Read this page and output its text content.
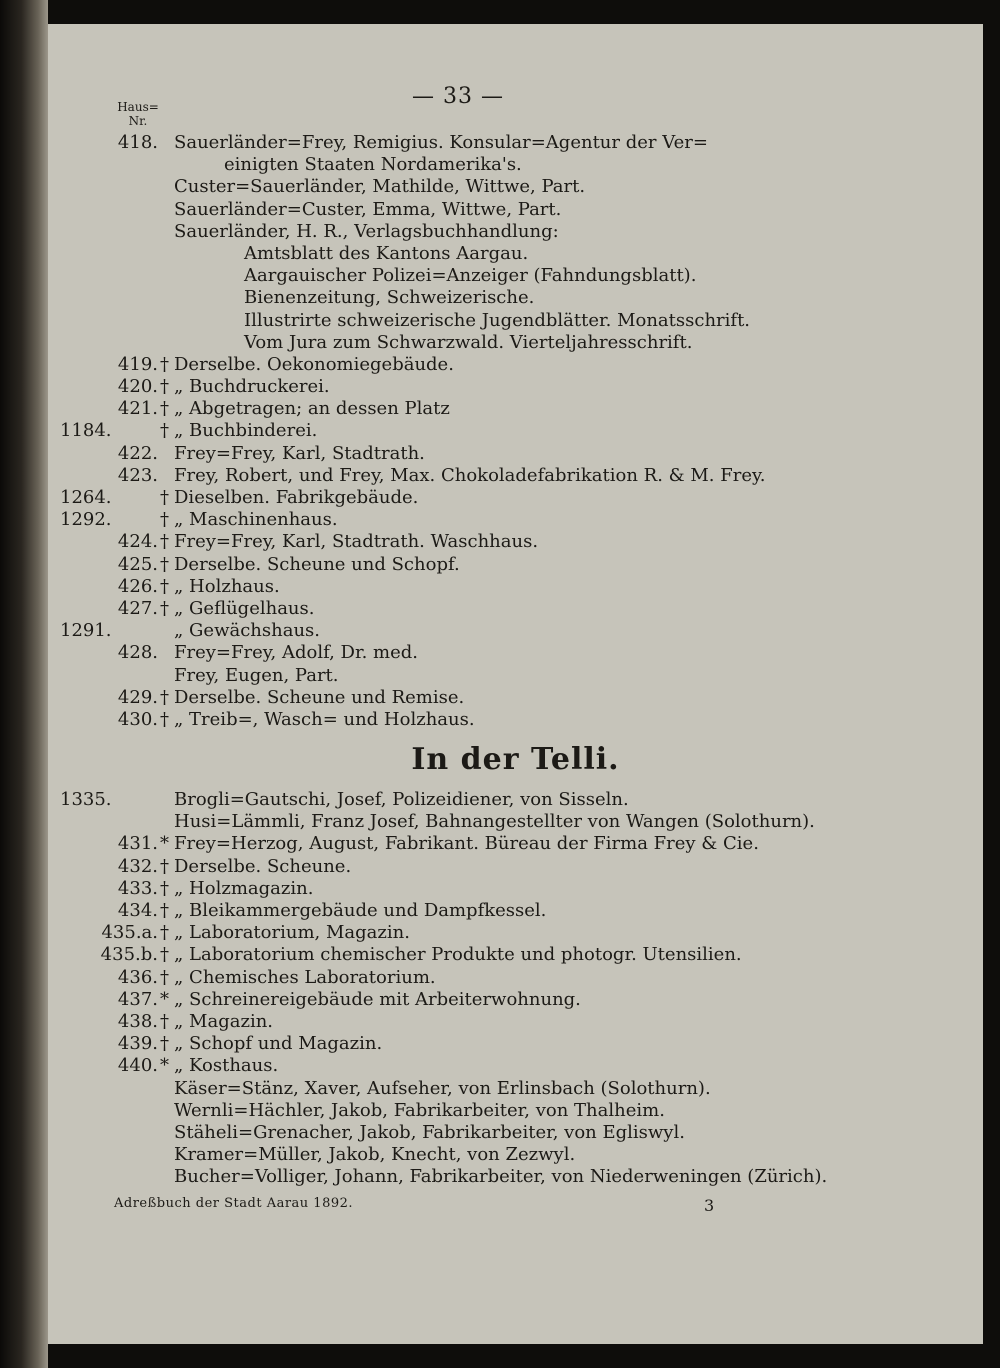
— 33 —
Haus=
Nr.
418. Sauerländer=Frey, Remigius. Konsular=Agentur der Ver=
einigten Staaten Nordamerika's.
Custer=Sauerländer, Mathilde, Wittwe, Part.
Sauerländer=Custer, Emma, Wittwe, Part.
Sauerländer, H. R., Verlagsbuchhandlung:
Amtsblatt des Kantons Aargau.
Aargauischer Polizei=Anzeiger (Fahndungsblatt).
Bienenzeitung, Schweizerische.
Illustrirte schweizerische Jugendblätter. Monatsschrift.
Vom Jura zum Schwarzwald. Vierteljahresschrift.
419. † Derselbe. Oekonomiegebäude.
420. † „ Buchdruckerei.
421. † „ Abgetragen; an dessen Platz
1184.	† „ Buchbinderei.
422. Frey=Frey, Karl, Stadtrath.
423. Frey, Robert, und Frey, Max. Chokoladefabrikation R. & M. Frey.
1264.	† Dieselben. Fabrikgebäude.
1292.	† „ Maschinenhaus.
424. † Frey=Frey, Karl, Stadtrath. Waschhaus.
425. † Derselbe. Scheune und Schopf.
426. † „ Holzhaus.
427. † „ Geflügelhaus.
1291.	„ Gewächshaus.
428. Frey=Frey, Adolf, Dr. med.
Frey, Eugen, Part.
429. † Derselbe. Scheune und Remise.
430. † „ Treib=, Wasch= und Holzhaus.
In der Telli.
1335.	Brogli=Gautschi, Josef, Polizeidiener, von Sisseln.
Husi=Lämmli, Franz Josef, Bahnangestellter von Wangen (Solothurn).
431. * Frey=Herzog, August, Fabrikant. Büreau der Firma Frey & Cie.
432. † Derselbe. Scheune.
433. † „ Holzmagazin.
434. † „ Bleikammergebäude und Dampfkessel.
435.a. † „ Laboratorium, Magazin.
435.b. † „ Laboratorium chemischer Produkte und photogr. Utensilien.
436. † „ Chemisches Laboratorium.
437. * „ Schreinereigebäude mit Arbeiterwohnung.
438. † „ Magazin.
439. † „ Schopf und Magazin.
440. * „ Kosthaus.
Käser=Stänz, Xaver, Aufseher, von Erlinsbach (Solothurn).
Wernli=Hächler, Jakob, Fabrikarbeiter, von Thalheim.
Stäheli=Grenacher, Jakob, Fabrikarbeiter, von Egliswyl.
Kramer=Müller, Jakob, Knecht, von Zezwyl.
Bucher=Volliger, Johann, Fabrikarbeiter, von Niederweningen (Zürich).
Adreßbuch der Stadt Aarau 1892.	3
